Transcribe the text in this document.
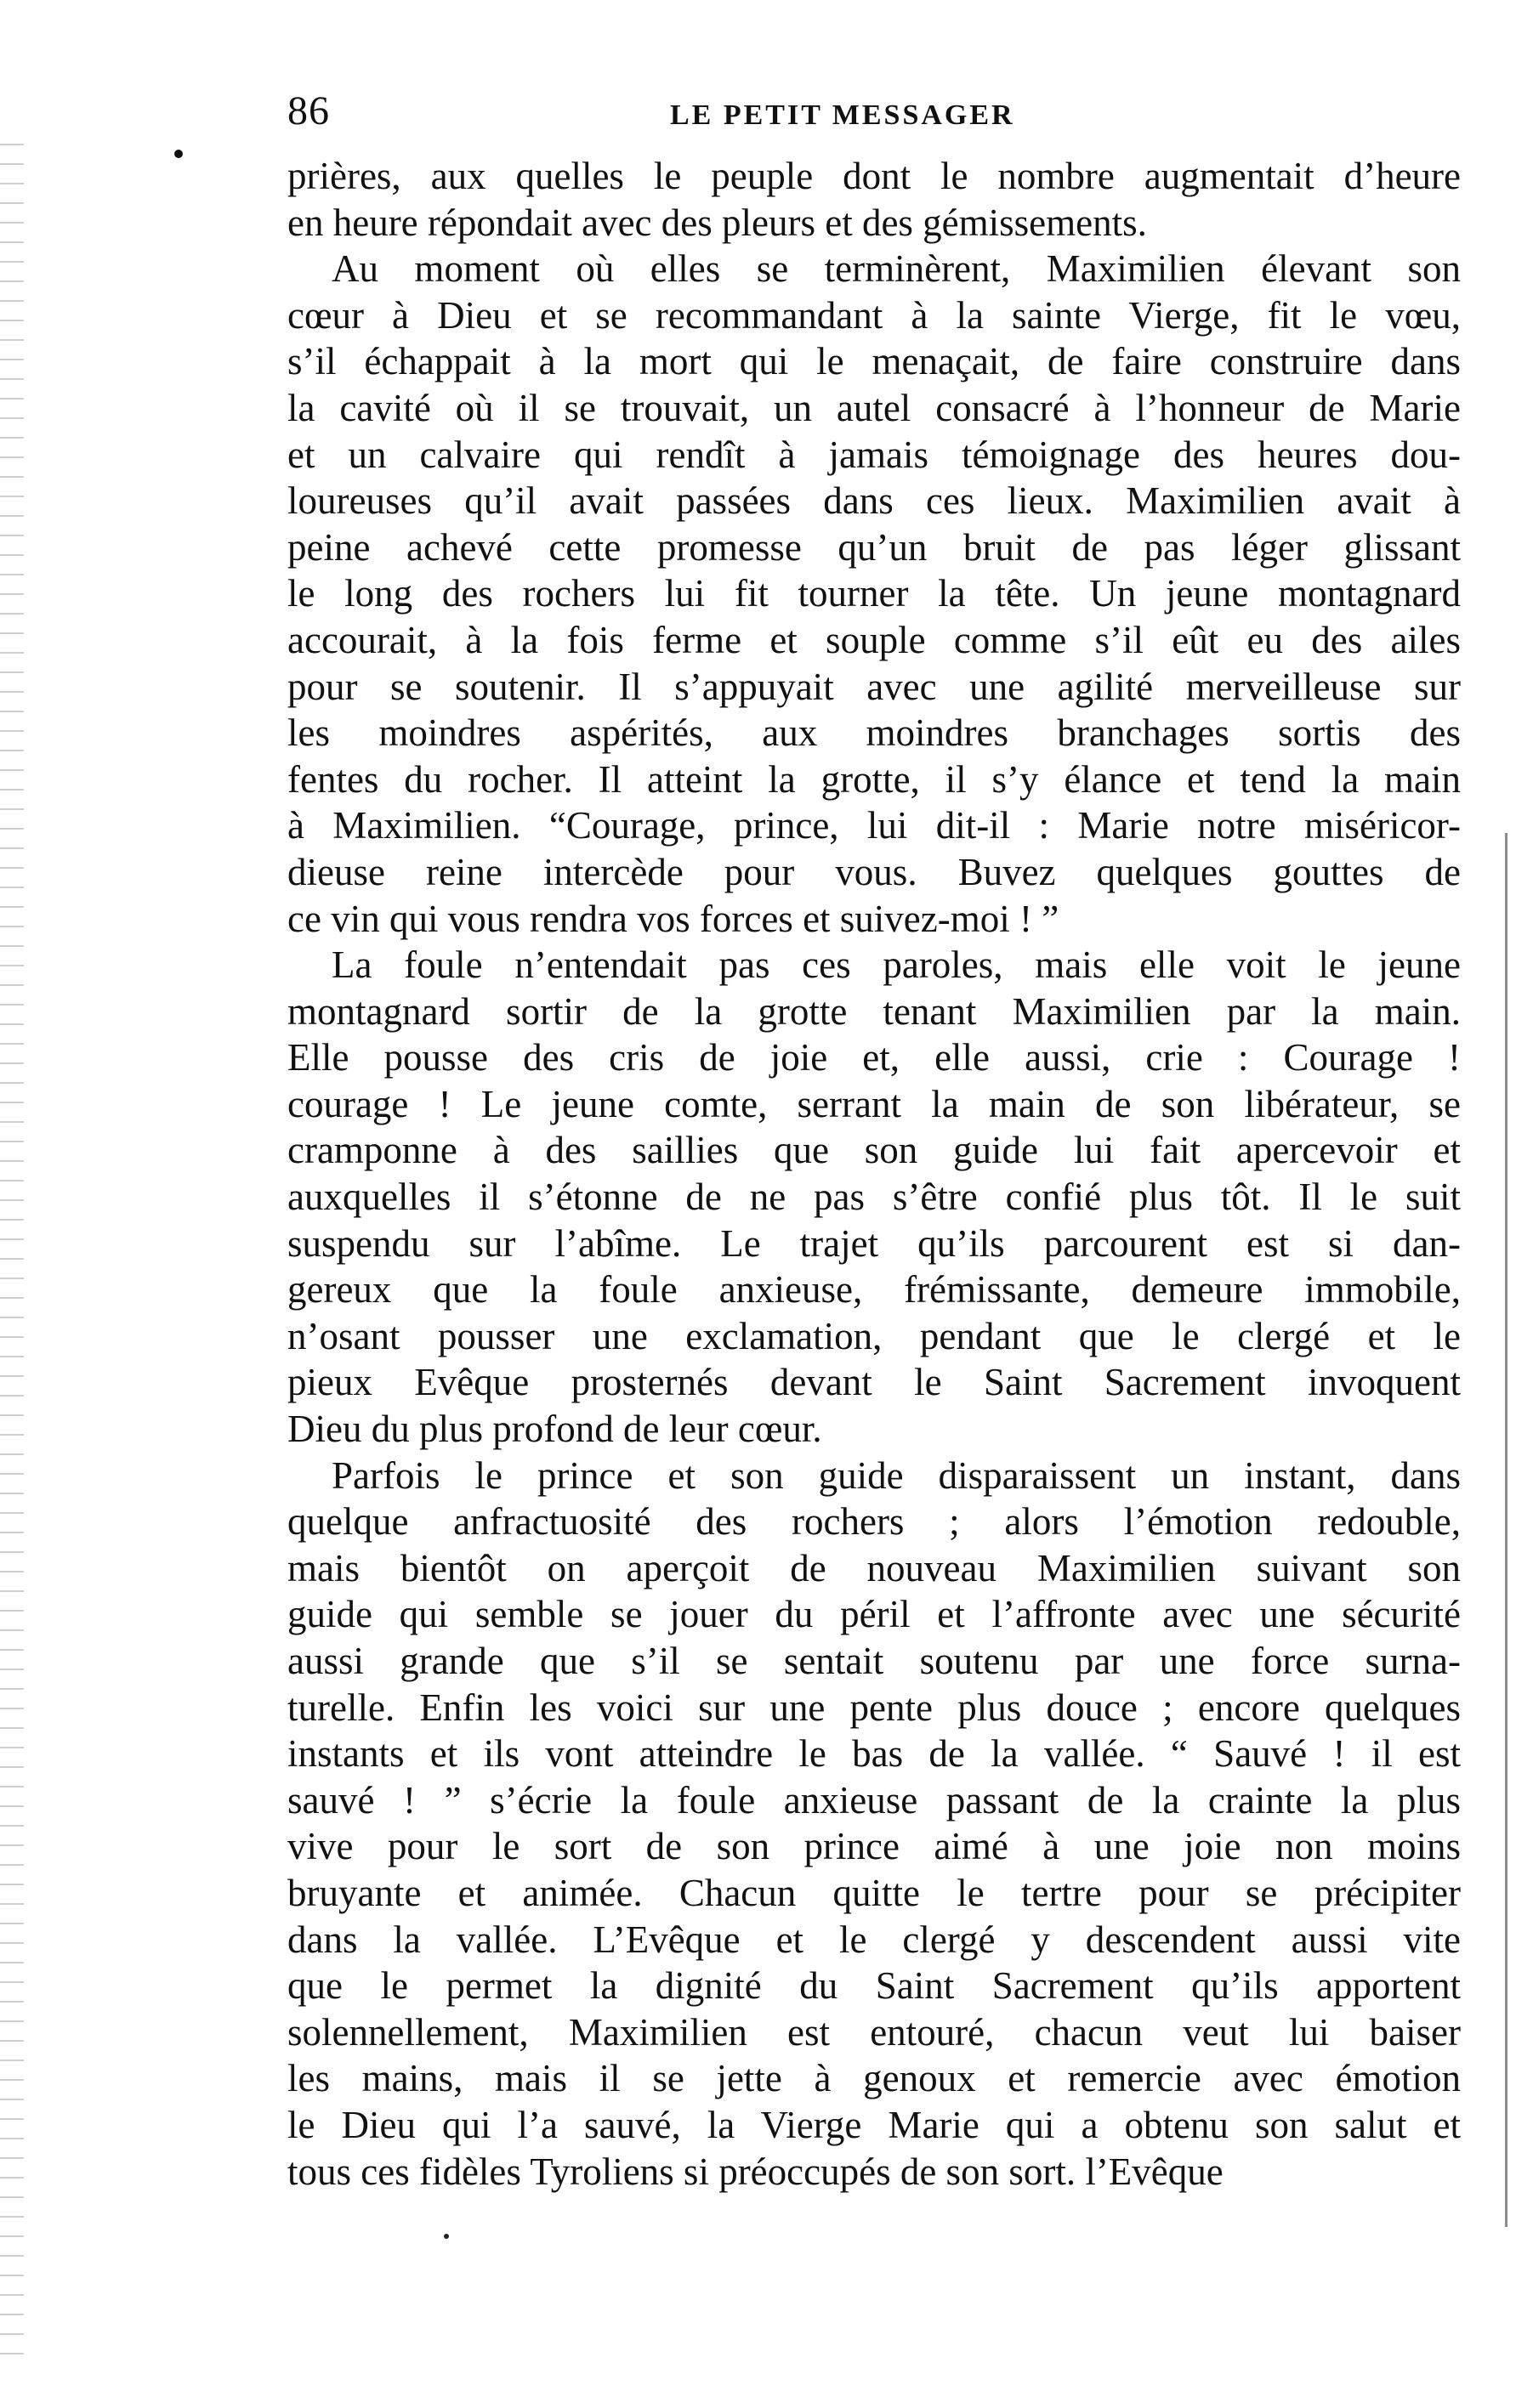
86	LE PETIT MESSAGER
prières, aux quelles le peuple dont le nombre augmentait d’heure
en heure répondait avec des pleurs et des gémissements.
Au moment où elles se terminèrent, Maximilien élevant son
cœur à Dieu et se recommandant à la sainte Vierge, fit le vœu,
s’il échappait à la mort qui le menaçait, de faire construire dans
la cavité où il se trouvait, un autel consacré à l’honneur de Marie
et un calvaire qui rendît à jamais témoignage des heures dou-
loureuses qu’il avait passées dans ces lieux. Maximilien avait à
peine achevé cette promesse qu’un bruit de pas léger glissant
le long des rochers lui fit tourner la tête. Un jeune montagnard
accourait, à la fois ferme et souple comme s’il eût eu des ailes
pour se soutenir. Il s’appuyait avec une agilité merveilleuse sur
les moindres aspérités, aux moindres branchages sortis des
fentes du rocher. Il atteint la grotte, il s’y élance et tend la main
à Maximilien. “Courage, prince, lui dit-il : Marie notre miséricor-
dieuse reine intercède pour vous. Buvez quelques gouttes de
ce vin qui vous rendra vos forces et suivez-moi ! ”
La foule n’entendait pas ces paroles, mais elle voit le jeune
montagnard sortir de la grotte tenant Maximilien par la main.
Elle pousse des cris de joie et, elle aussi, crie : Courage !
courage ! Le jeune comte, serrant la main de son libérateur, se
cramponne à des saillies que son guide lui fait apercevoir et
auxquelles il s’étonne de ne pas s’être confié plus tôt. Il le suit
suspendu sur l’abîme. Le trajet qu’ils parcourent est si dan-
gereux que la foule anxieuse, frémissante, demeure immobile,
n’osant pousser une exclamation, pendant que le clergé et le
pieux Evêque prosternés devant le Saint Sacrement invoquent
Dieu du plus profond de leur cœur.
Parfois le prince et son guide disparaissent un instant, dans
quelque anfractuosité des rochers ; alors l’émotion redouble,
mais bientôt on aperçoit de nouveau Maximilien suivant son
guide qui semble se jouer du péril et l’affronte avec une sécurité
aussi grande que s’il se sentait soutenu par une force surna-
turelle. Enfin les voici sur une pente plus douce ; encore quelques
instants et ils vont atteindre le bas de la vallée. “ Sauvé ! il est
sauvé ! ” s’écrie la foule anxieuse passant de la crainte la plus
vive pour le sort de son prince aimé à une joie non moins
bruyante et animée. Chacun quitte le tertre pour se précipiter
dans la vallée. L’Evêque et le clergé y descendent aussi vite
que le permet la dignité du Saint Sacrement qu’ils apportent
solennellement, Maximilien est entouré, chacun veut lui baiser
les mains, mais il se jette à genoux et remercie avec émotion
le Dieu qui l’a sauvé, la Vierge Marie qui a obtenu son salut et
tous ces fidèles Tyroliens si préoccupés de son sort. l’Evêque
